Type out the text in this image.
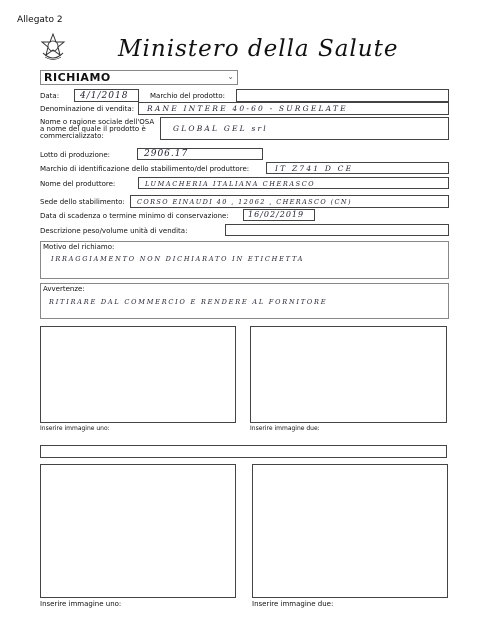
Allegato 2
Ministero della Salute
RICHIAMO	⌄
Data: 4/1/2018	Marchio del prodotto:
Denominazione di vendita: RANE INTERE 40-60 - SURGELATE
Nome o ragione sociale dell'OSA
a nome del quale il prodotto è
commercializzato:
GLOBAL GEL srl
Lotto di produzione:	2906.17
Marchio di identificazione dello stabilimento/del produttore:	IT Z741 D CE
Nome del produttore:	LUMACHERIA ITALIANA CHERASCO
Sede dello stabilimento: CORSO EINAUDI 40 , 12062 , CHERASCO (CN)
Data di scadenza o termine minimo di conservazione: 16/02/2019
Descrizione peso/volume unità di vendita:
Motivo del richiamo:
IRRAGGIAMENTO NON DICHIARATO IN ETICHETTA
Avvertenze:
RITIRARE DAL COMMERCIO E RENDERE AL FORNITORE
Inserire immagine uno:	Inserire immagine due:
Inserire immagine uno:	Inserire immagine due:
